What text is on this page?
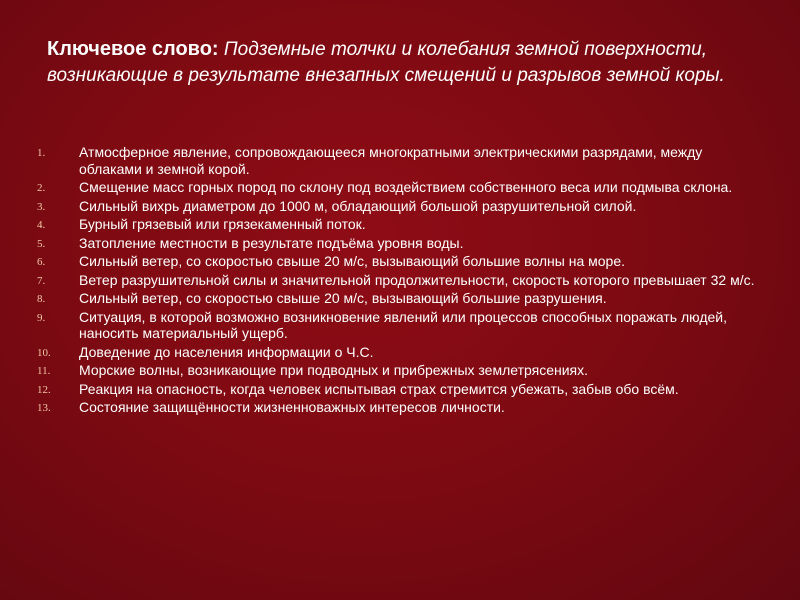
Ключевое слово: Подземные толчки и колебания земной поверхности, возникающие в результате внезапных смещений и разрывов земной коры.
1.	Атмосферное явление, сопровождающееся многократными электрическими разрядами, между облаками и земной корой.
2.	Смещение масс горных пород по склону под воздействием собственного веса или подмыва склона.
3.	Сильный вихрь диаметром до 1000 м, обладающий большой разрушительной силой.
4.	Бурный грязевый или грязекаменный поток.
5.	Затопление местности в результате подъёма уровня воды.
6.	Сильный ветер, со скоростью свыше 20 м/с, вызывающий большие волны на море.
7.	Ветер разрушительной силы и значительной продолжительности, скорость которого превышает 32 м/с.
8.	Сильный ветер, со скоростью свыше 20 м/с, вызывающий большие разрушения.
9.	Ситуация, в которой возможно возникновение явлений или процессов способных поражать людей, наносить материальный ущерб.
10.	Доведение до населения информации о Ч.С.
11.	Морские волны, возникающие при подводных и прибрежных землетрясениях.
12.	Реакция на опасность, когда человек испытывая страх стремится убежать, забыв обо всём.
13.	Состояние защищённости жизненноважных интересов личности.
